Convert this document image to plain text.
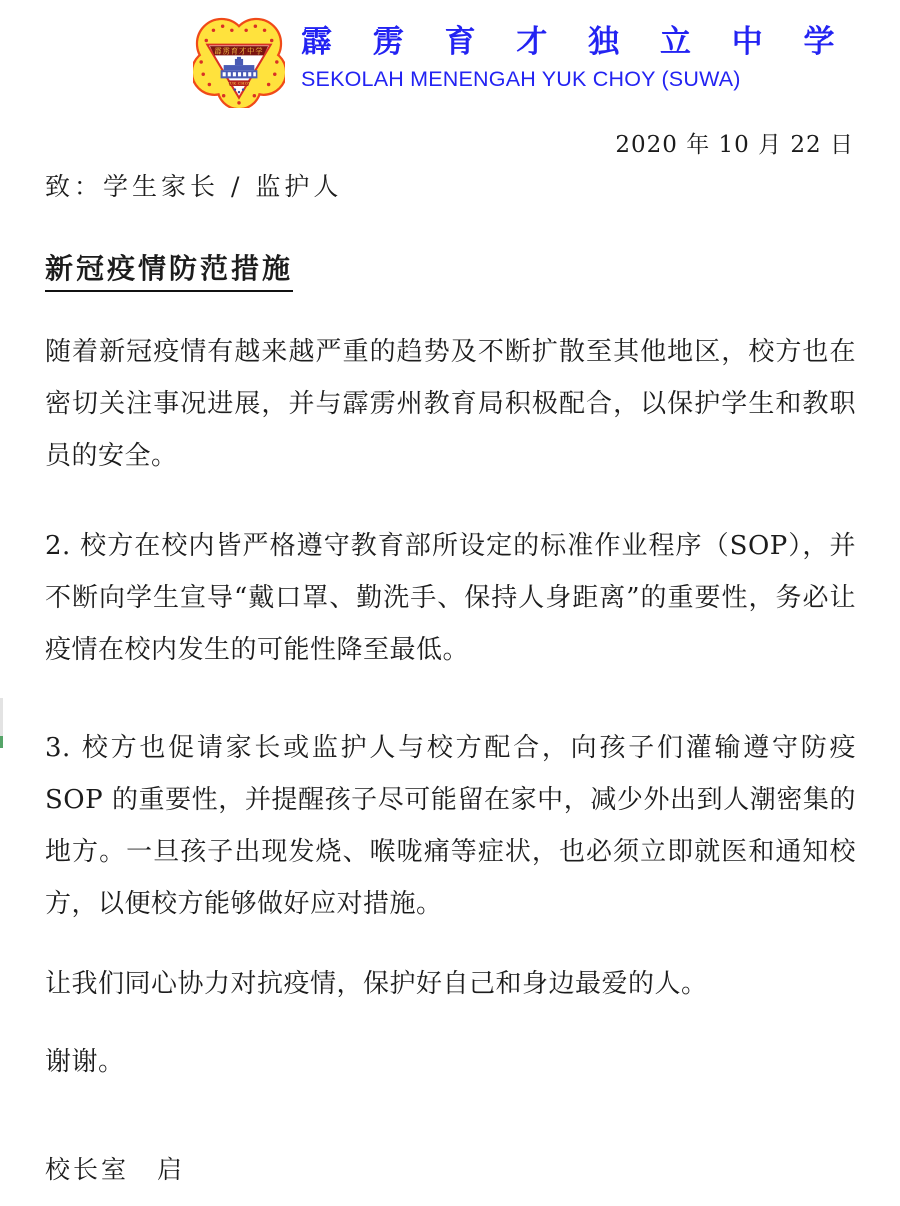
霹雳育才中学
YUK CHOY
霹 雳 育 才 独 立 中 学
SEKOLAH MENENGAH YUK CHOY (SUWA)
2020 年 10 月 22 日
致：学生家长 / 监护人
新冠疫情防范措施

随着新冠疫情有越来越严重的趋势及不断扩散至其他地区，校方也在密切关注事况进展，并与霹雳州教育局积极配合，以保护学生和教职员的安全。

2. 校方在校内皆严格遵守教育部所设定的标准作业程序（SOP），并不断向学生宣导“戴口罩、勤洗手、保持人身距离”的重要性，务必让疫情在校内发生的可能性降至最低。

3. 校方也促请家长或监护人与校方配合，向孩子们灌输遵守防疫 SOP 的重要性，并提醒孩子尽可能留在家中，减少外出到人潮密集的地方。一旦孩子出现发烧、喉咙痛等症状，也必须立即就医和通知校方，以便校方能够做好应对措施。

让我们同心协力对抗疫情，保护好自己和身边最爱的人。

谢谢。

校长室　启
